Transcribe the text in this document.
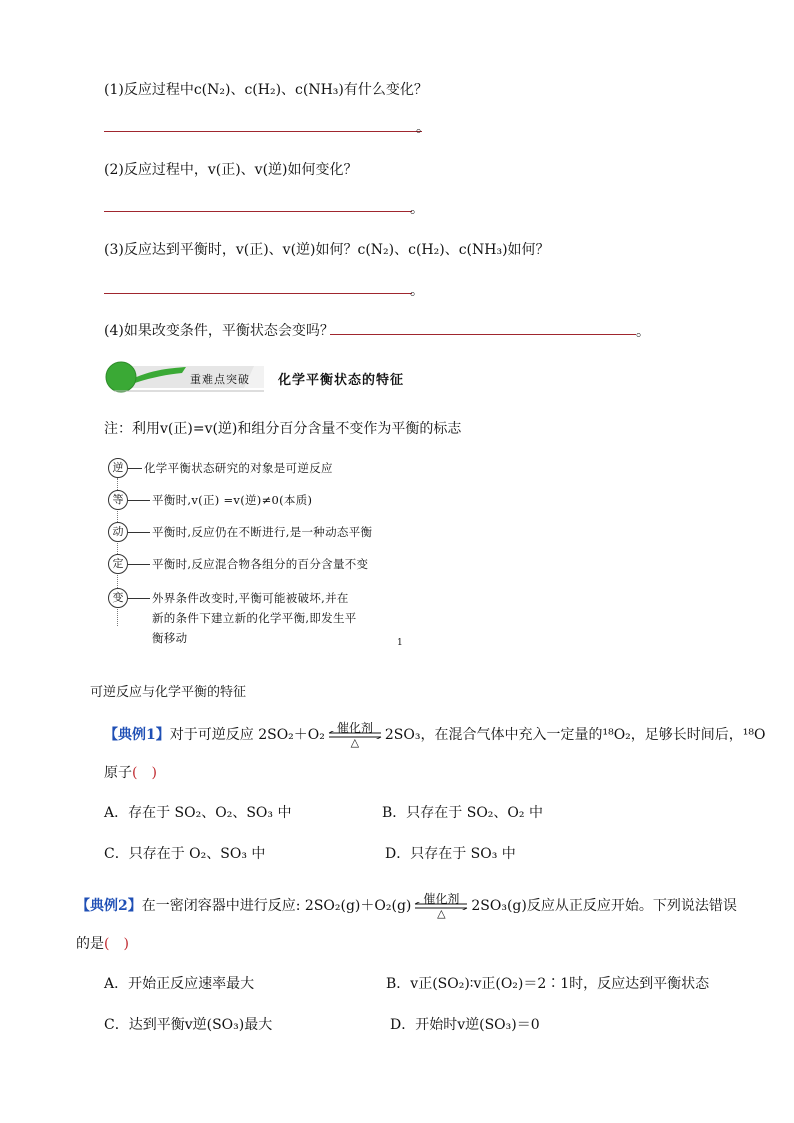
(1)反应过程中c(N₂)、c(H₂)、c(NH₃)有什么变化？
。
(2)反应过程中，v(正)、v(逆)如何变化？
。
(3)反应达到平衡时，v(正)、v(逆)如何？c(N₂)、c(H₂)、c(NH₃)如何？
。
(4)如果改变条件，平衡状态会变吗？	。
重难点突破 化学平衡状态的特征
注：利用v(正)=v(逆)和组分百分含量不变作为平衡的标志
逆	化学平衡状态研究的对象是可逆反应
等	平衡时,v(正) =v(逆)≠0(本质)
动	平衡时,反应仍在不断进行,是一种动态平衡
定	平衡时,反应混合物各组分的百分含量不变
变	外界条件改变时,平衡可能被破坏,并在
新的条件下建立新的化学平衡,即发生平
衡移动	1
可逆反应与化学平衡的特征
【典例1】对于可逆反应 2SO₂＋O₂ 催化剂
△	2SO₃，在混合气体中充入一定量的¹⁸O₂，足够长时间后，¹⁸O
原子(　)
A．存在于 SO₂、O₂、SO₃ 中	B．只存在于 SO₂、O₂ 中
C．只存在于 O₂、SO₃ 中	D．只存在于 SO₃ 中
【典例2】在一密闭容器中进行反应: 2SO₂(g)＋O₂(g) 催化剂
△	2SO₃(g)反应从正反应开始。下列说法错误
的是(　)
A．开始正反应速率最大	B．v正(SO₂)∶v正(O₂)＝2∶1时，反应达到平衡状态
C．达到平衡v逆(SO₃)最大	D．开始时v逆(SO₃)＝0
